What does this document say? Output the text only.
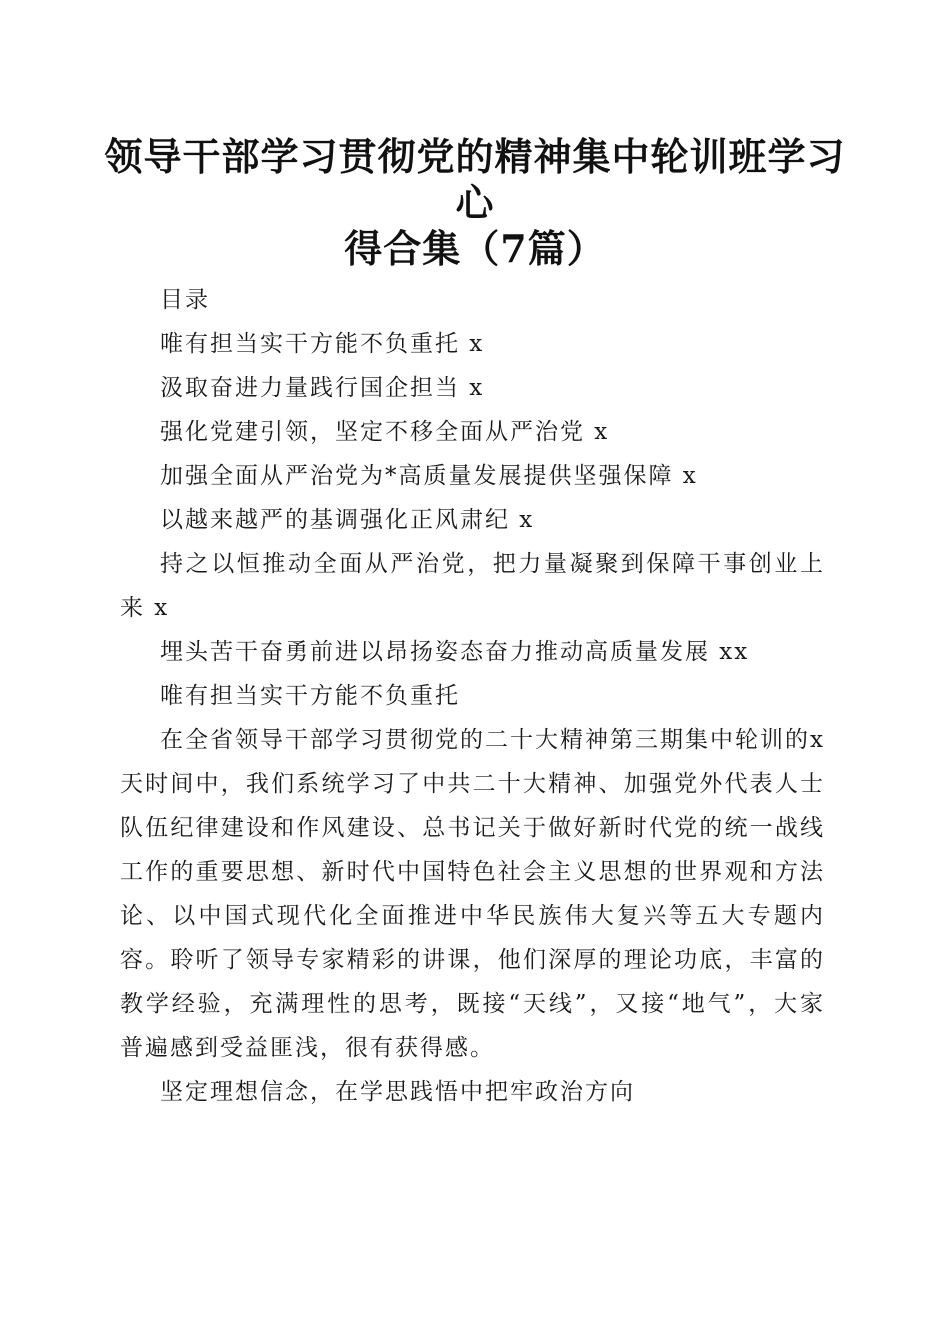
领导干部学习贯彻党的精神集中轮训班学习心
得合集（7篇）

目录

唯有担当实干方能不负重托 x

汲取奋进力量践行国企担当 x

强化党建引领，坚定不移全面从严治党 x

加强全面从严治党为*高质量发展提供坚强保障 x

以越来越严的基调强化正风肃纪 x

持之以恒推动全面从严治党，把力量凝聚到保障干事创业上来 x

埋头苦干奋勇前进以昂扬姿态奋力推动高质量发展 xx

唯有担当实干方能不负重托

在全省领导干部学习贯彻党的二十大精神第三期集中轮训的x天时间中，我们系统学习了中共二十大精神、加强党外代表人士队伍纪律建设和作风建设、总书记关于做好新时代党的统一战线工作的重要思想、新时代中国特色社会主义思想的世界观和方法论、以中国式现代化全面推进中华民族伟大复兴等五大专题内容。聆听了领导专家精彩的讲课，他们深厚的理论功底，丰富的教学经验，充满理性的思考，既接“天线”，又接“地气”，大家普遍感到受益匪浅，很有获得感。

坚定理想信念，在学思践悟中把牢政治方向
